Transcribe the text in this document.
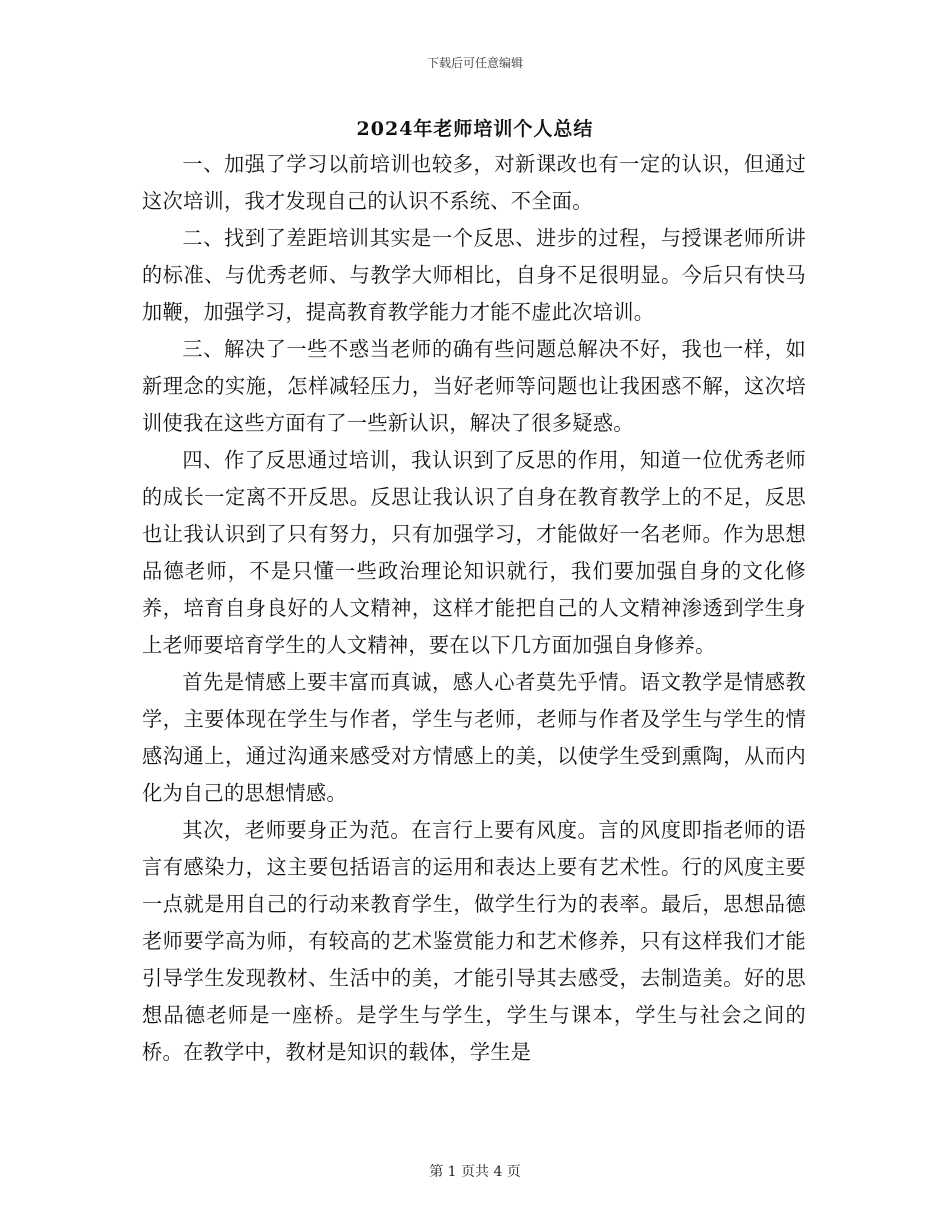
下载后可任意编辑
2024年老师培训个人总结

一、加强了学习以前培训也较多，对新课改也有一定的认识，但通过这次培训，我才发现自己的认识不系统、不全面。

二、找到了差距培训其实是一个反思、进步的过程，与授课老师所讲的标准、与优秀老师、与教学大师相比，自身不足很明显。今后只有快马加鞭，加强学习，提高教育教学能力才能不虚此次培训。

三、解决了一些不惑当老师的确有些问题总解决不好，我也一样，如新理念的实施，怎样减轻压力，当好老师等问题也让我困惑不解，这次培训使我在这些方面有了一些新认识，解决了很多疑惑。

四、作了反思通过培训，我认识到了反思的作用，知道一位优秀老师的成长一定离不开反思。反思让我认识了自身在教育教学上的不足，反思也让我认识到了只有努力，只有加强学习，才能做好一名老师。作为思想品德老师，不是只懂一些政治理论知识就行，我们要加强自身的文化修养，培育自身良好的人文精神，这样才能把自己的人文精神渗透到学生身上老师要培育学生的人文精神，要在以下几方面加强自身修养。

首先是情感上要丰富而真诚，感人心者莫先乎情。语文教学是情感教学，主要体现在学生与作者，学生与老师，老师与作者及学生与学生的情感沟通上，通过沟通来感受对方情感上的美，以使学生受到熏陶，从而内化为自己的思想情感。

其次，老师要身正为范。在言行上要有风度。言的风度即指老师的语言有感染力，这主要包括语言的运用和表达上要有艺术性。行的风度主要一点就是用自己的行动来教育学生，做学生行为的表率。最后，思想品德老师要学高为师，有较高的艺术鉴赏能力和艺术修养，只有这样我们才能引导学生发现教材、生活中的美，才能引导其去感受，去制造美。好的思想品德老师是一座桥。是学生与学生，学生与课本，学生与社会之间的桥。在教学中，教材是知识的载体，学生是

第 1 页共 4 页
